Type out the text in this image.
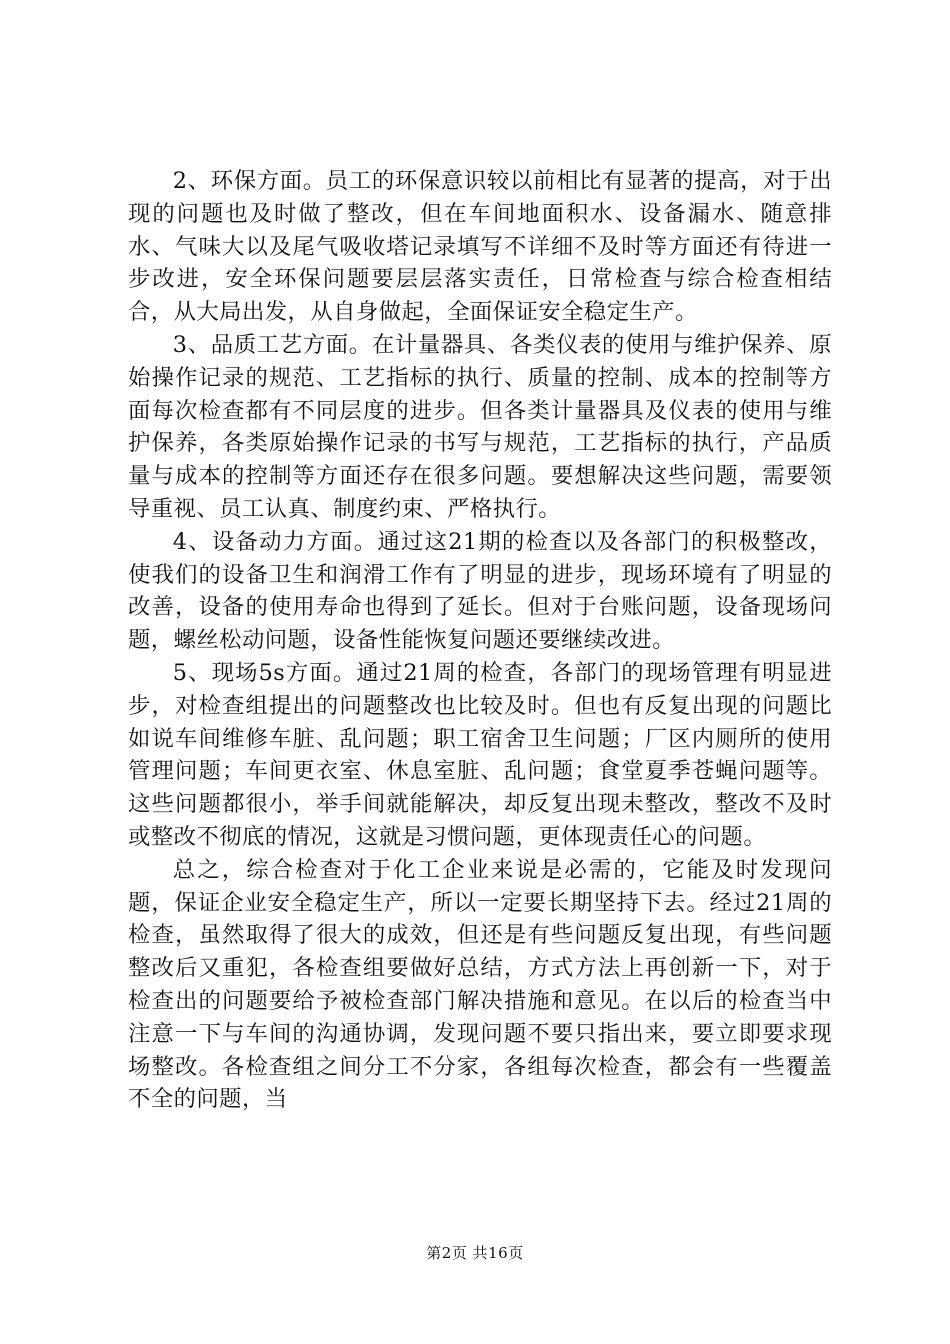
2、环保方面。员工的环保意识较以前相比有显著的提高，对于出现的问题也及时做了整改，但在车间地面积水、设备漏水、随意排水、气味大以及尾气吸收塔记录填写不详细不及时等方面还有待进一步改进，安全环保问题要层层落实责任，日常检查与综合检查相结合，从大局出发，从自身做起，全面保证安全稳定生产。

3、品质工艺方面。在计量器具、各类仪表的使用与维护保养、原始操作记录的规范、工艺指标的执行、质量的控制、成本的控制等方面每次检查都有不同层度的进步。但各类计量器具及仪表的使用与维护保养，各类原始操作记录的书写与规范，工艺指标的执行，产品质量与成本的控制等方面还存在很多问题。要想解决这些问题，需要领导重视、员工认真、制度约束、严格执行。

4、设备动力方面。通过这21期的检查以及各部门的积极整改，使我们的设备卫生和润滑工作有了明显的进步，现场环境有了明显的改善，设备的使用寿命也得到了延长。但对于台账问题，设备现场问题，螺丝松动问题，设备性能恢复问题还要继续改进。

5、现场5s方面。通过21周的检查，各部门的现场管理有明显进步，对检查组提出的问题整改也比较及时。但也有反复出现的问题比如说车间维修车脏、乱问题；职工宿舍卫生问题；厂区内厕所的使用管理问题；车间更衣室、休息室脏、乱问题；食堂夏季苍蝇问题等。这些问题都很小，举手间就能解决，却反复出现未整改，整改不及时或整改不彻底的情况，这就是习惯问题，更体现责任心的问题。

总之，综合检查对于化工企业来说是必需的，它能及时发现问题，保证企业安全稳定生产，所以一定要长期坚持下去。经过21周的检查，虽然取得了很大的成效，但还是有些问题反复出现，有些问题整改后又重犯，各检查组要做好总结，方式方法上再创新一下，对于检查出的问题要给予被检查部门解决措施和意见。在以后的检查当中注意一下与车间的沟通协调，发现问题不要只指出来，要立即要求现场整改。各检查组之间分工不分家，各组每次检查，都会有一些覆盖不全的问题，当

第2页 共16页
